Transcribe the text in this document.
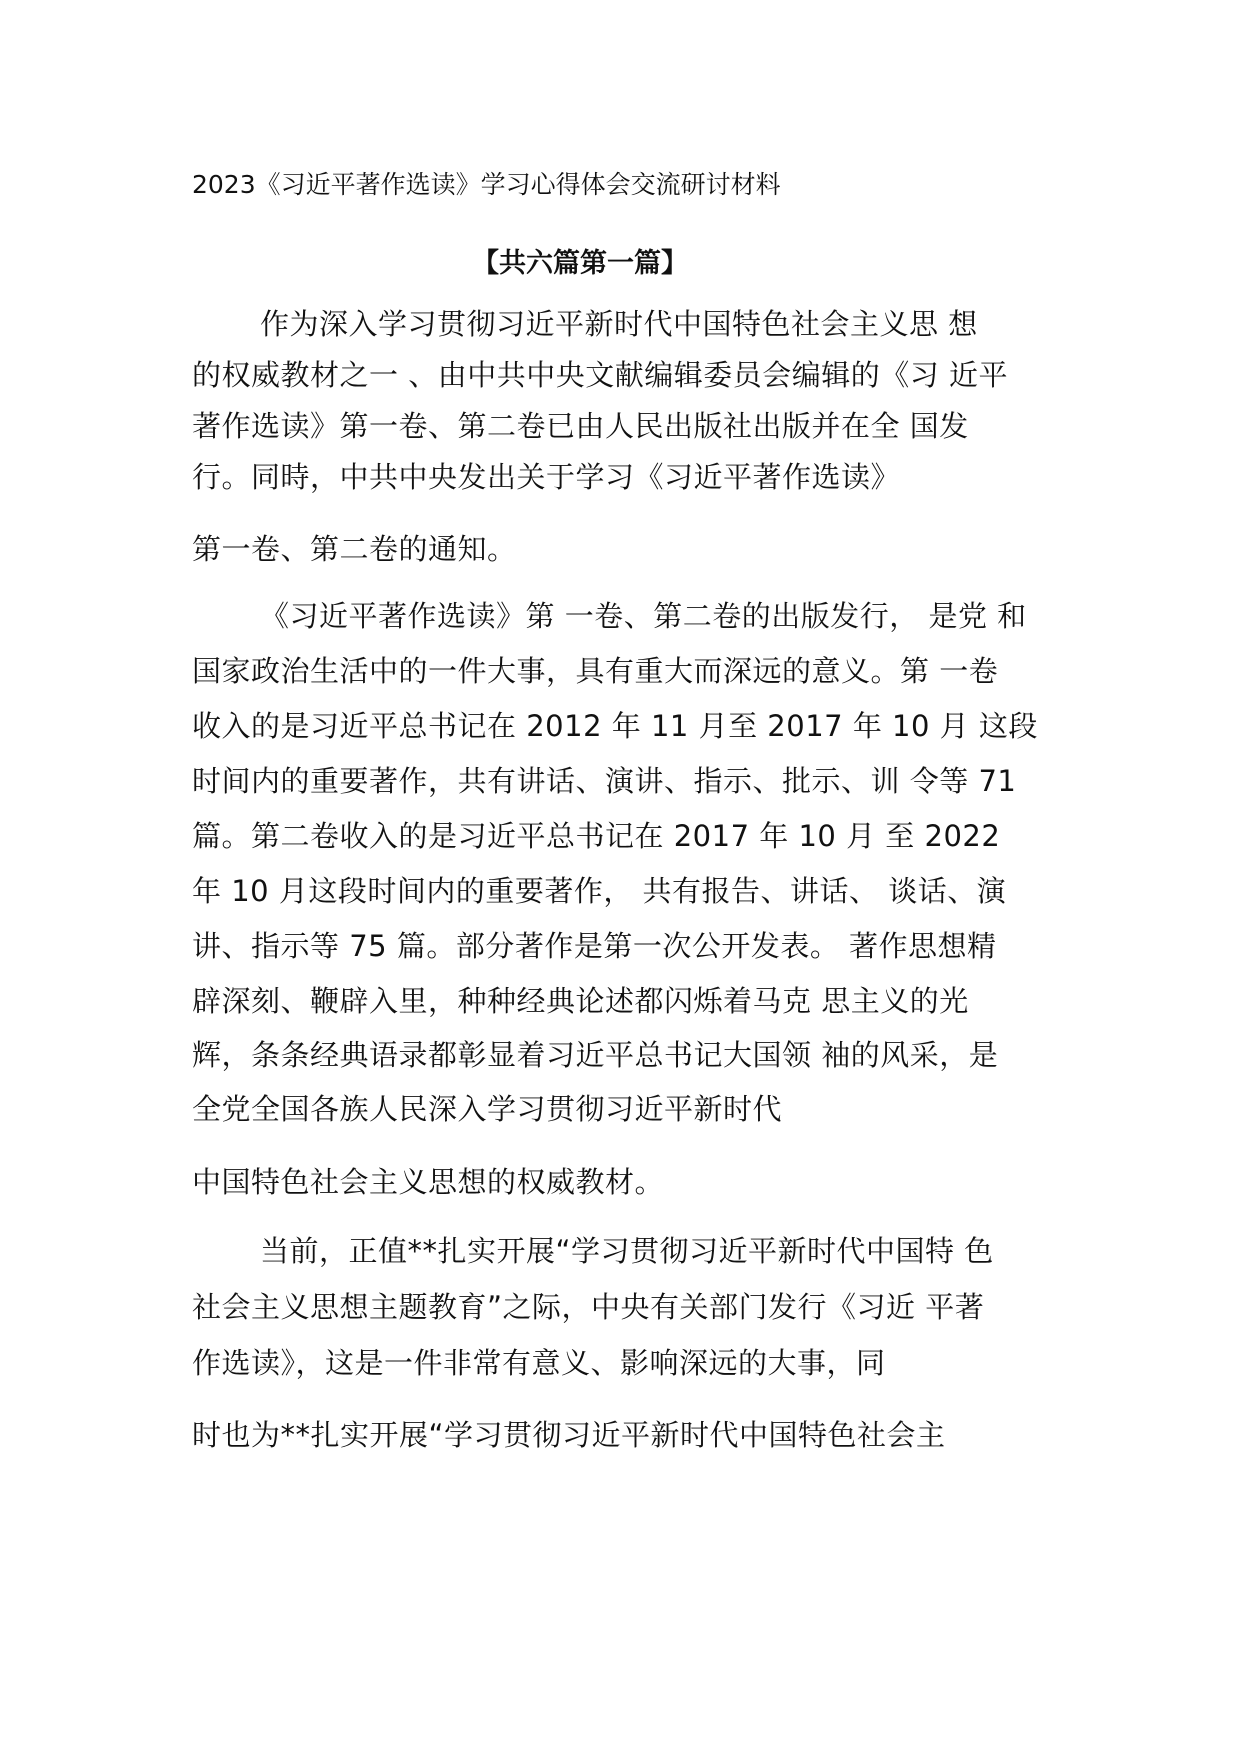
2023《习近平著作选读》学习心得体会交流研讨材料
【共六篇第一篇】
作为深入学习贯彻习近平新时代中国特色社会主义思 想
的权威教材之一 、由中共中央文献编辑委员会编辑的《习 近平
著作选读》第一卷、第二卷已由人民出版社出版并在全 国发
行。同時，中共中央发出关于学习《习近平著作选读》
第一卷、第二卷的通知。
《习近平著作选读》第 一卷、第二卷的出版发行， 是党 和
国家政治生活中的一件大事，具有重大而深远的意义。第 一卷
收入的是习近平总书记在 2012 年 11 月至 2017 年 10 月 这段
时间内的重要著作，共有讲话、演讲、指示、批示、训 令等 71
篇。第二卷收入的是习近平总书记在 2017 年 10 月 至 2022
年 10 月这段时间内的重要著作， 共有报告、讲话、 谈话、演
讲、指示等 75 篇。部分著作是第一次公开发表。 著作思想精
辟深刻、鞭辟入里，种种经典论述都闪烁着马克 思主义的光
辉，条条经典语录都彰显着习近平总书记大国领 袖的风采，是
全党全国各族人民深入学习贯彻习近平新时代
中国特色社会主义思想的权威教材。
当前，正值**扎实开展“学习贯彻习近平新时代中国特 色
社会主义思想主题教育”之际，中央有关部门发行《习近 平著
作选读》，这是一件非常有意义、影响深远的大事，同
时也为**扎实开展“学习贯彻习近平新时代中国特色社会主
